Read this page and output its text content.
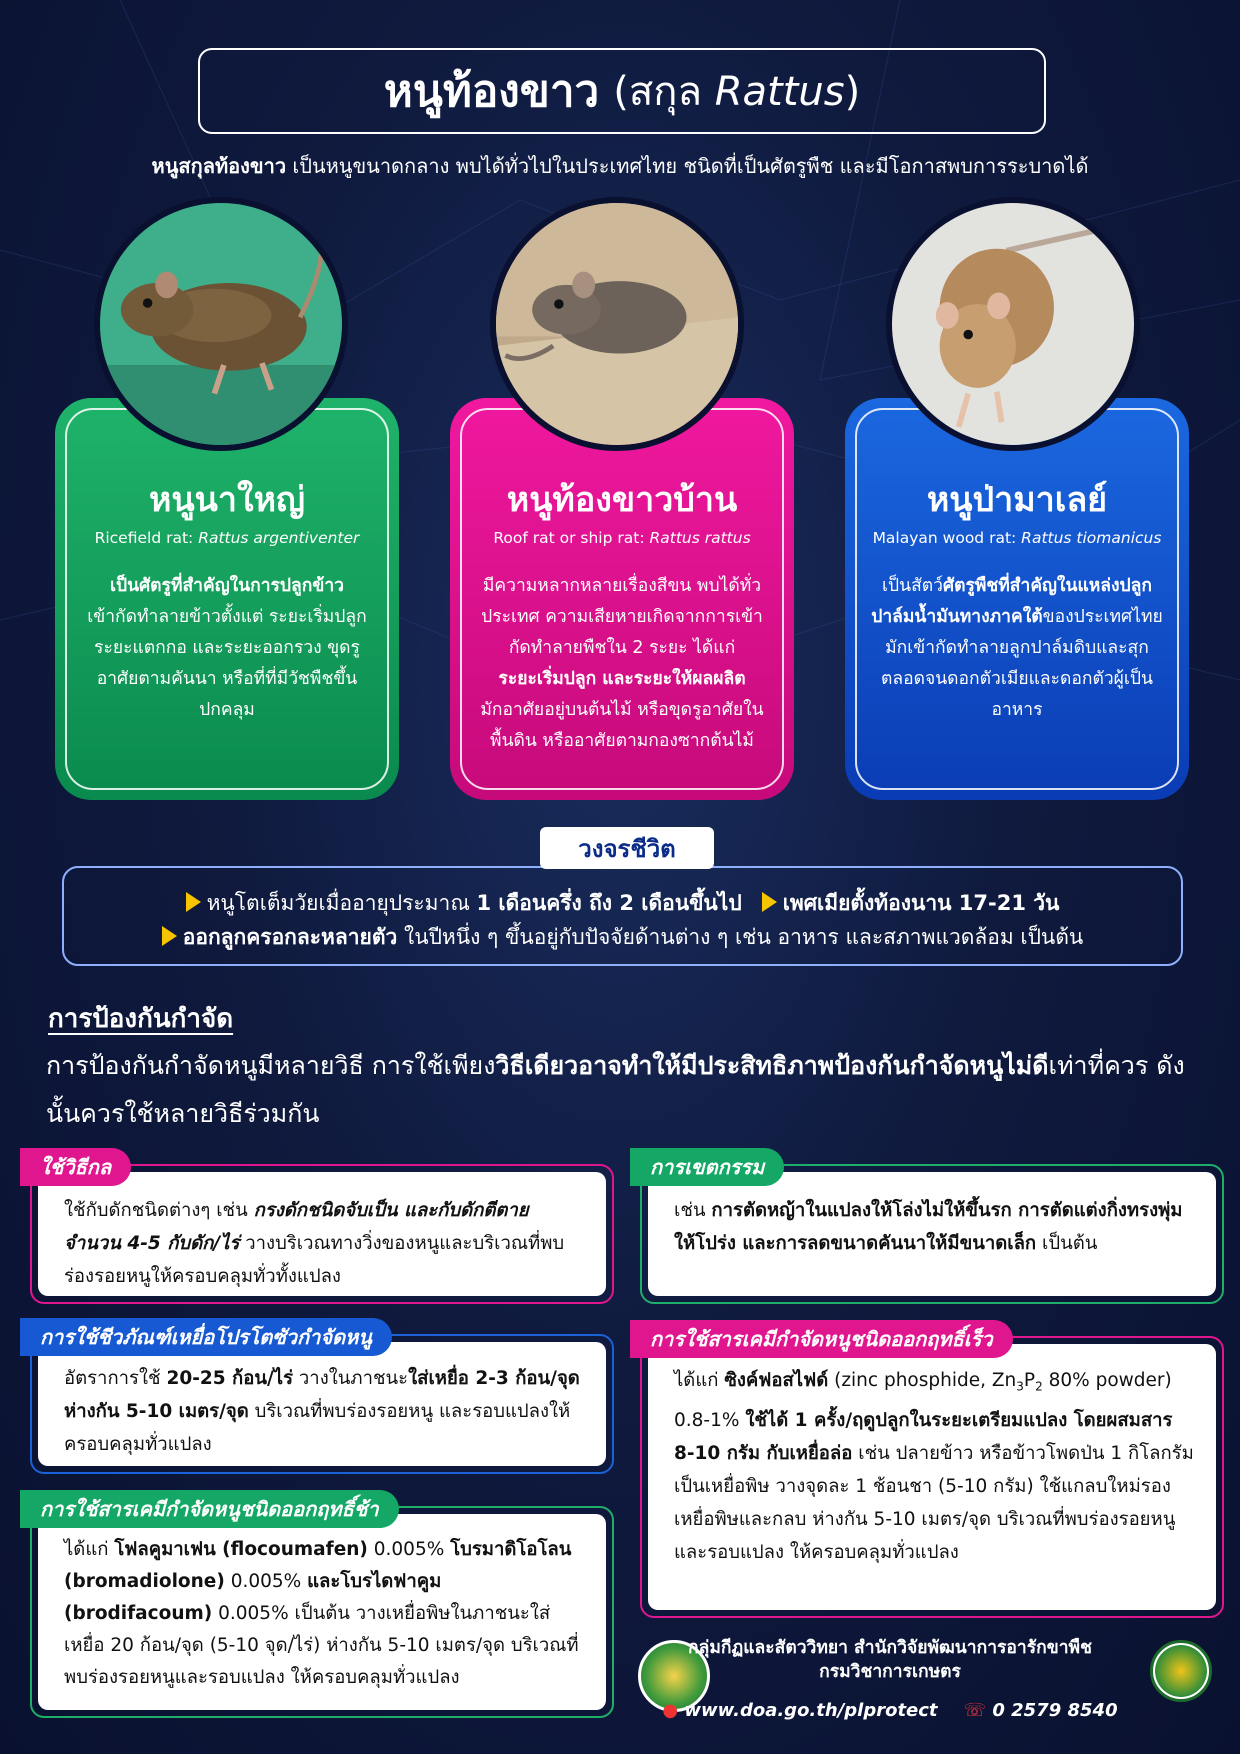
หนูท้องขาว (สกุล Rattus)
หนูสกุลท้องขาว เป็นหนูขนาดกลาง พบได้ทั่วไปในประเทศไทย ชนิดที่เป็นศัตรูพืช และมีโอกาสพบการระบาดได้
หนูนาใหญ่
Ricefield rat: Rattus argentiventer
เป็นศัตรูที่สำคัญในการปลูกข้าว
เข้ากัดทำลายข้าวตั้งแต่ ระยะเริ่มปลูก ระยะแตกกอ และระยะออกรวง ขุดรูอาศัยตามคันนา หรือที่ที่มีวัชพืชขึ้นปกคลุม
หนูท้องขาวบ้าน
Roof rat or ship rat: Rattus rattus
มีความหลากหลายเรื่องสีขน พบได้ทั่วประเทศ ความเสียหายเกิดจากการเข้ากัดทำลายพืชใน 2 ระยะ ได้แก่
ระยะเริ่มปลูก และระยะให้ผลผลิต
มักอาศัยอยู่บนต้นไม้ หรือขุดรูอาศัยในพื้นดิน หรืออาศัยตามกองซากต้นไม้
หนูป่ามาเลย์
Malayan wood rat: Rattus tiomanicus
เป็นสัตว์ศัตรูพืชที่สำคัญในแหล่งปลูกปาล์มน้ำมันทางภาคใต้ของประเทศไทย มักเข้ากัดทำลายลูกปาล์มดิบและสุก ตลอดจนดอกตัวเมียและดอกตัวผู้เป็นอาหาร
วงจรชีวิต
หนูโตเต็มวัยเมื่ออายุประมาณ 1 เดือนครึ่ง ถึง 2 เดือนขึ้นไป เพศเมียตั้งท้องนาน 17-21 วัน
ออกลูกครอกละหลายตัว ในปีหนึ่ง ๆ ขึ้นอยู่กับปัจจัยด้านต่าง ๆ เช่น อาหาร และสภาพแวดล้อม เป็นต้น
การป้องกันกำจัด
การป้องกันกำจัดหนูมีหลายวิธี การใช้เพียงวิธีเดียวอาจทำให้มีประสิทธิภาพป้องกันกำจัดหนูไม่ดีเท่าที่ควร ดังนั้นควรใช้หลายวิธีร่วมกัน
ใช้วิธีกล
ใช้กับดักชนิดต่างๆ เช่น กรงดักชนิดจับเป็น และกับดักตีตาย จำนวน 4-5 กับดัก/ไร่ วางบริเวณทางวิ่งของหนูและบริเวณที่พบร่องรอยหนูให้ครอบคลุมทั่วทั้งแปลง
การเขตกรรม
เช่น การตัดหญ้าในแปลงให้โล่งไม่ให้ขึ้นรก การตัดแต่งกิ่งทรงพุ่มให้โปร่ง และการลดขนาดคันนาให้มีขนาดเล็ก เป็นต้น
การใช้ชีวภัณฑ์เหยื่อโปรโตซัวกำจัดหนู
อัตราการใช้ 20-25 ก้อน/ไร่ วางในภาชนะใส่เหยื่อ 2-3 ก้อน/จุด ห่างกัน 5-10 เมตร/จุด บริเวณที่พบร่องรอยหนู และรอบแปลงให้ครอบคลุมทั่วแปลง
การใช้สารเคมีกำจัดหนูชนิดออกฤทธิ์เร็ว
ได้แก่ ซิงค์ฟอสไฟด์ (zinc phosphide, $Zn_3P_2$ 80% powder) 0.8-1% ใช้ได้ 1 ครั้ง/ฤดูปลูกในระยะเตรียมแปลง โดยผสมสาร 8-10 กรัม กับเหยื่อล่อ เช่น ปลายข้าว หรือข้าวโพดป่น 1 กิโลกรัม เป็นเหยื่อพิษ วางจุดละ 1 ช้อนชา (5-10 กรัม) ใช้แกลบใหม่รองเหยื่อพิษและกลบ ห่างกัน 5-10 เมตร/จุด บริเวณที่พบร่องรอยหนูและรอบแปลง ให้ครอบคลุมทั่วแปลง
การใช้สารเคมีกำจัดหนูชนิดออกฤทธิ์ช้า
ได้แก่ โฟลคูมาเฟน (flocoumafen) 0.005% โบรมาดิโอโลน (bromadiolone) 0.005% และโบรไดฟาคูม (brodifacoum) 0.005% เป็นต้น วางเหยื่อพิษในภาชนะใส่เหยื่อ 20 ก้อน/จุด (5-10 จุด/ไร่) ห่างกัน 5-10 เมตร/จุด บริเวณที่พบร่องรอยหนูและรอบแปลง ให้ครอบคลุมทั่วแปลง
กลุ่มกีฏและสัตววิทยา สำนักวิจัยพัฒนาการอารักขาพืช
กรมวิชาการเกษตร
● www.doa.go.th/plprotect ☏ 0 2579 8540
